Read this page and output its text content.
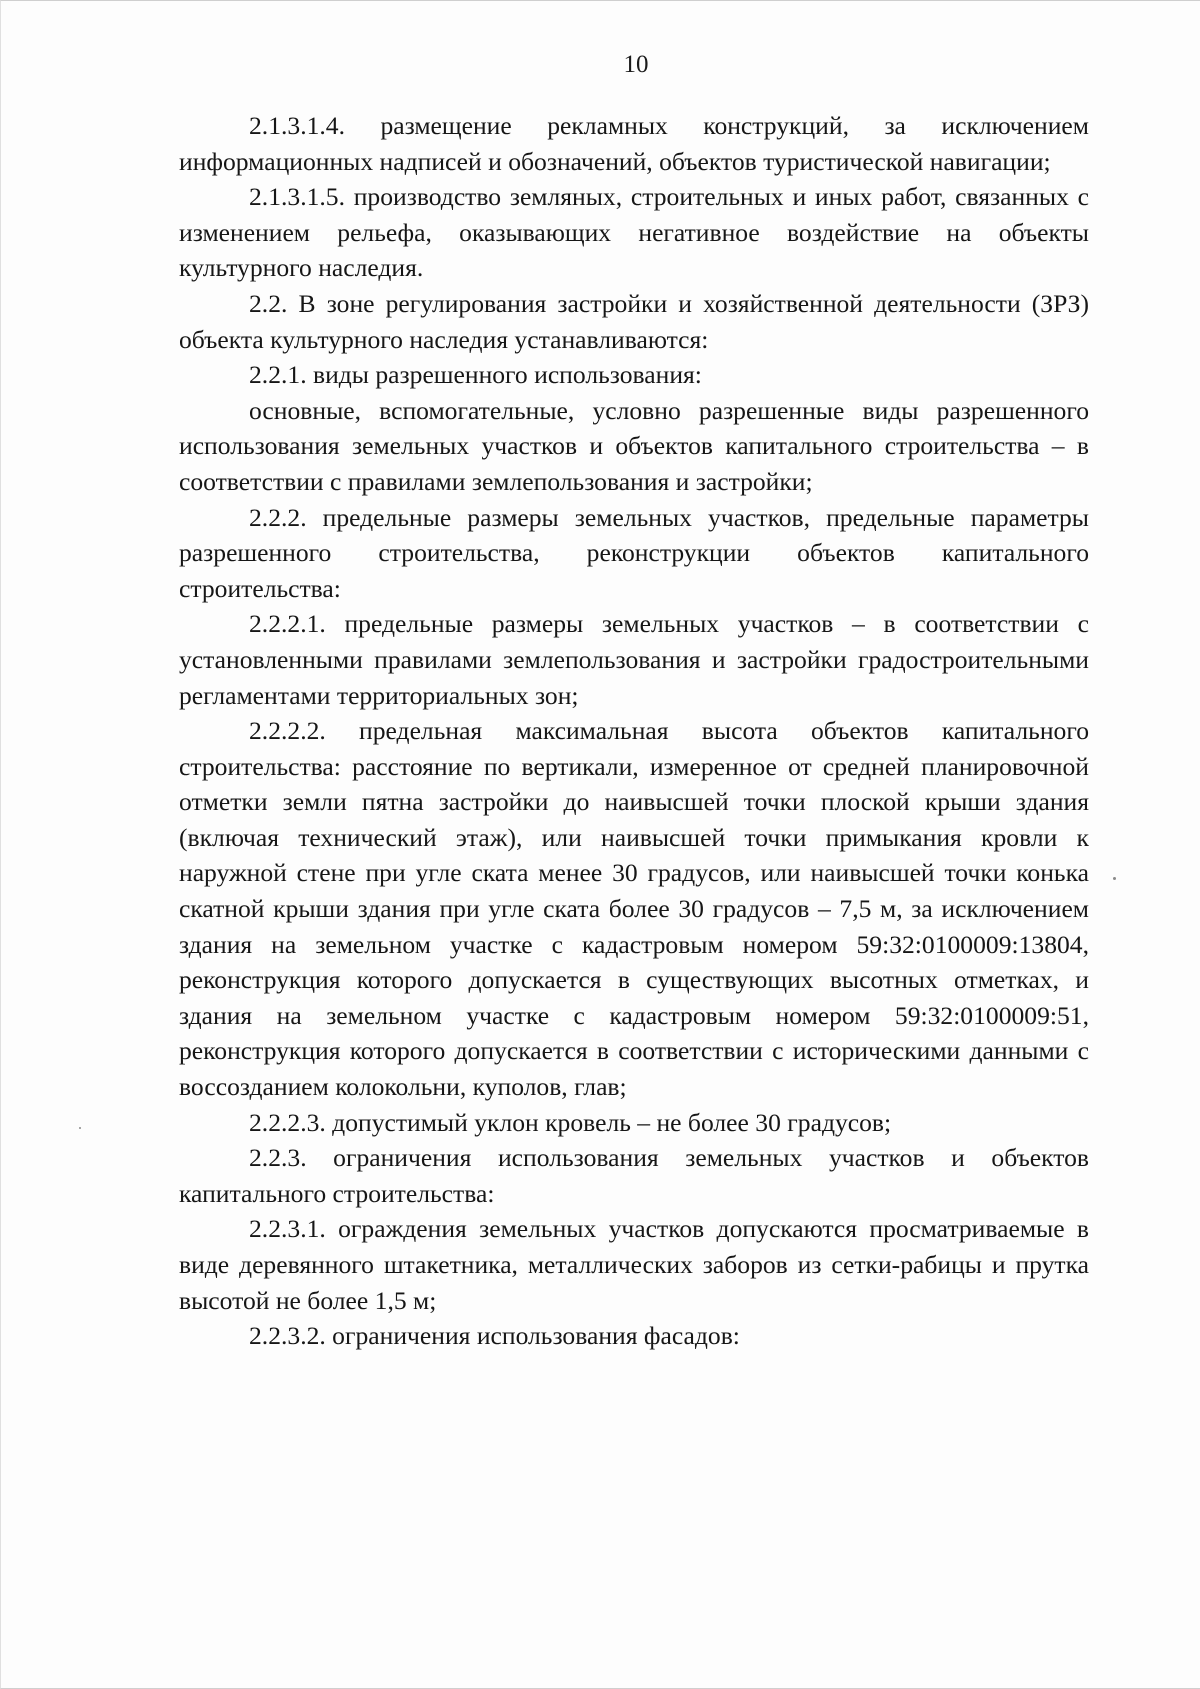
10

2.1.3.1.4. размещение рекламных конструкций, за исключением информационных надписей и обозначений, объектов туристической навигации;

2.1.3.1.5. производство земляных, строительных и иных работ, связанных с изменением рельефа, оказывающих негативное воздействие на объекты культурного наследия.

2.2. В зоне регулирования застройки и хозяйственной деятельности (ЗРЗ) объекта культурного наследия устанавливаются:

2.2.1. виды разрешенного использования:

основные, вспомогательные, условно разрешенные виды разрешенного использования земельных участков и объектов капитального строительства – в соответствии с правилами землепользования и застройки;

2.2.2. предельные размеры земельных участков, предельные параметры разрешенного строительства, реконструкции объектов капитального строительства:

2.2.2.1. предельные размеры земельных участков – в соответствии с установленными правилами землепользования и застройки градостроительными регламентами территориальных зон;

2.2.2.2. предельная максимальная высота объектов капитального строительства: расстояние по вертикали, измеренное от средней планировочной отметки земли пятна застройки до наивысшей точки плоской крыши здания (включая технический этаж), или наивысшей точки примыкания кровли к наружной стене при угле ската менее 30 градусов, или наивысшей точки конька скатной крыши здания при угле ската более 30 градусов – 7,5 м, за исключением здания на земельном участке с кадастровым номером 59:32:0100009:13804, реконструкция которого допускается в существующих высотных отметках, и здания на земельном участке с кадастровым номером 59:32:0100009:51, реконструкция которого допускается в соответствии с историческими данными с воссозданием колокольни, куполов, глав;

2.2.2.3. допустимый уклон кровель – не более 30 градусов;

2.2.3. ограничения использования земельных участков и объектов капитального строительства:

2.2.3.1. ограждения земельных участков допускаются просматриваемые в виде деревянного штакетника, металлических заборов из сетки-рабицы и прутка высотой не более 1,5 м;

2.2.3.2. ограничения использования фасадов:
